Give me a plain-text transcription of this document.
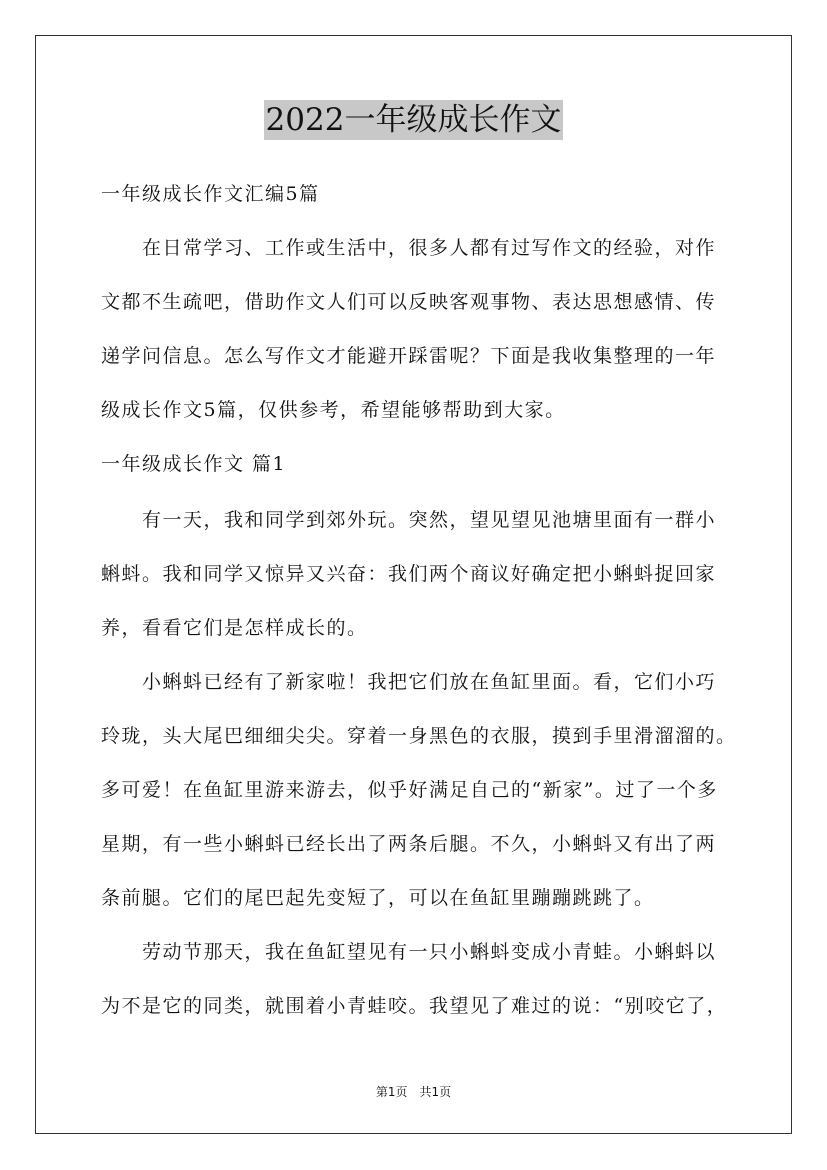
2022一年级成长作文
一年级成长作文汇编5篇
　　在日常学习、工作或生活中，很多人都有过写作文的经验，对作
文都不生疏吧，借助作文人们可以反映客观事物、表达思想感情、传
递学问信息。怎么写作文才能避开踩雷呢？下面是我收集整理的一年
级成长作文5篇，仅供参考，希望能够帮助到大家。
一年级成长作文 篇1
　　有一天，我和同学到郊外玩。突然，望见望见池塘里面有一群小
蝌蚪。我和同学又惊异又兴奋：我们两个商议好确定把小蝌蚪捉回家
养，看看它们是怎样成长的。
　　小蝌蚪已经有了新家啦！我把它们放在鱼缸里面。看，它们小巧
玲珑，头大尾巴细细尖尖。穿着一身黑色的衣服，摸到手里滑溜溜的。
多可爱！在鱼缸里游来游去，似乎好满足自己的“新家”。过了一个多
星期，有一些小蝌蚪已经长出了两条后腿。不久，小蝌蚪又有出了两
条前腿。它们的尾巴起先变短了，可以在鱼缸里蹦蹦跳跳了。
　　劳动节那天，我在鱼缸望见有一只小蝌蚪变成小青蛙。小蝌蚪以
为不是它的同类，就围着小青蛙咬。我望见了难过的说：“别咬它了，
第1页　共1页
